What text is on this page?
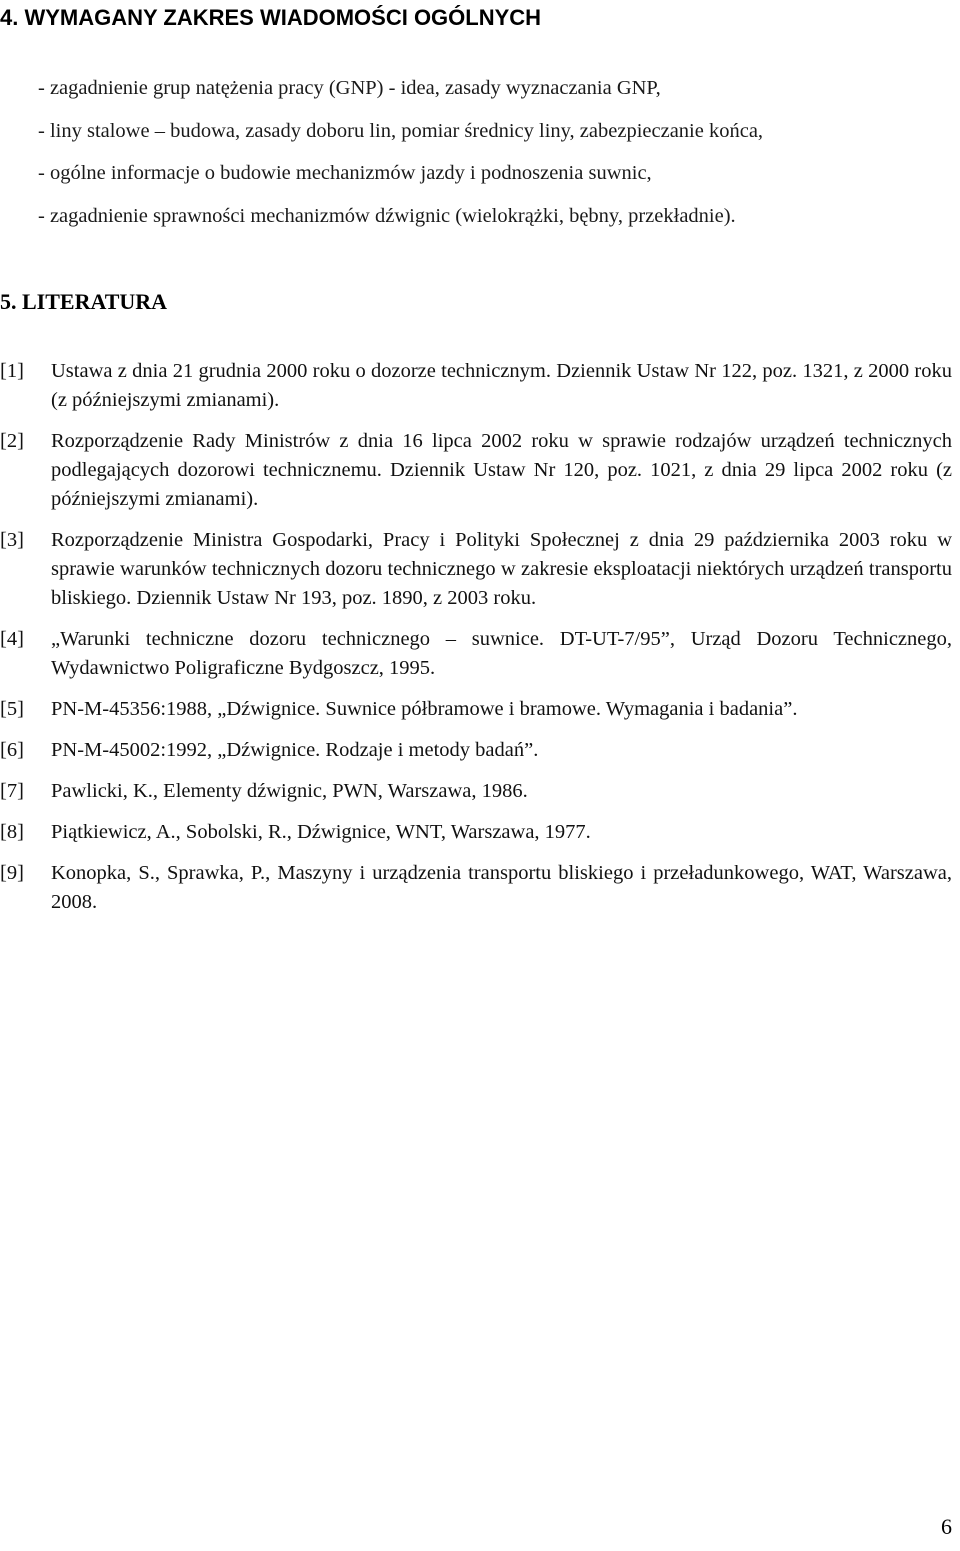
4. WYMAGANY ZAKRES WIADOMOŚCI OGÓLNYCH
- zagadnienie grup natężenia pracy (GNP) - idea, zasady wyznaczania GNP,
- liny stalowe – budowa, zasady doboru lin, pomiar średnicy liny, zabezpieczanie końca,
- ogólne informacje o budowie mechanizmów jazdy i podnoszenia suwnic,
- zagadnienie sprawności mechanizmów dźwignic (wielokrążki, bębny, przekładnie).
5. LITERATURA
[1]	Ustawa z dnia 21 grudnia 2000 roku o dozorze technicznym. Dziennik Ustaw Nr 122, poz. 1321, z 2000 roku (z późniejszymi zmianami).
[2]	Rozporządzenie Rady Ministrów z dnia 16 lipca 2002 roku w sprawie rodzajów urządzeń technicznych podlegających dozorowi technicznemu. Dziennik Ustaw Nr 120, poz. 1021, z dnia 29 lipca 2002 roku (z późniejszymi zmianami).
[3]	Rozporządzenie Ministra Gospodarki, Pracy i Polityki Społecznej z dnia 29 października 2003 roku w sprawie warunków technicznych dozoru technicznego w zakresie eksploatacji niektórych urządzeń transportu bliskiego. Dziennik Ustaw Nr 193, poz. 1890, z 2003 roku.
[4]	„Warunki techniczne dozoru technicznego – suwnice. DT-UT-7/95”, Urząd Dozoru Technicznego, Wydawnictwo Poligraficzne Bydgoszcz, 1995.
[5]	PN-M-45356:1988, „Dźwignice. Suwnice półbramowe i bramowe. Wymagania i badania”.
[6]	PN-M-45002:1992, „Dźwignice. Rodzaje i metody badań”.
[7]	Pawlicki, K., Elementy dźwignic, PWN, Warszawa, 1986.
[8]	Piątkiewicz, A., Sobolski, R., Dźwignice, WNT, Warszawa, 1977.
[9]	Konopka, S., Sprawka, P., Maszyny i urządzenia transportu bliskiego i przeładunkowego, WAT, Warszawa, 2008.
6
